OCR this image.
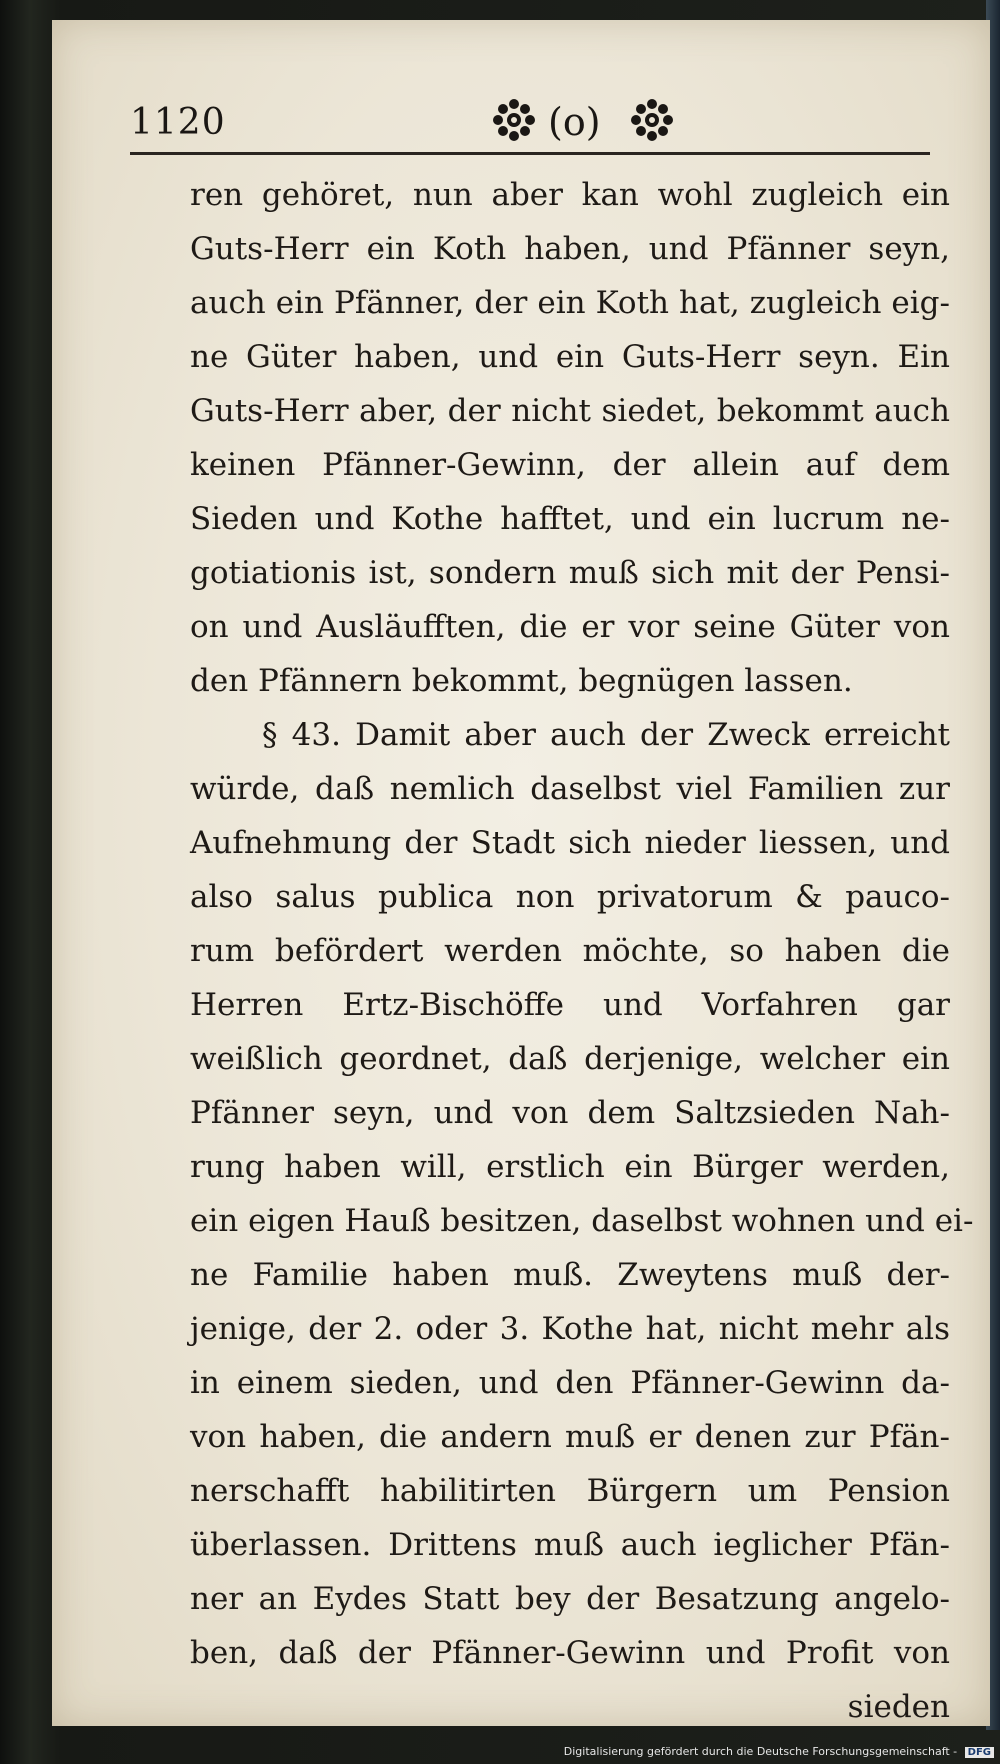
1120	(o)
ren gehöret, nun aber kan wohl zugleich ein
Guts-Herr ein Koth haben, und Pfänner seyn,
auch ein Pfänner, der ein Koth hat, zugleich eig-
ne Güter haben, und ein Guts-Herr seyn. Ein
Guts-Herr aber, der nicht siedet, bekommt auch
keinen Pfänner-Gewinn, der allein auf dem
Sieden und Kothe hafftet, und ein lucrum ne-
gotiationis ist, sondern muß sich mit der Pensi-
on und Ausläufften, die er vor seine Güter von
den Pfännern bekommt, begnügen lassen.
§ 43. Damit aber auch der Zweck erreicht
würde, daß nemlich daselbst viel Familien zur
Aufnehmung der Stadt sich nieder liessen, und
also salus publica non privatorum & pauco-
rum befördert werden möchte, so haben die
Herren Ertz-Bischöffe und Vorfahren gar
weißlich geordnet, daß derjenige, welcher ein
Pfänner seyn, und von dem Saltzsieden Nah-
rung haben will, erstlich ein Bürger werden,
ein eigen Hauß besitzen, daselbst wohnen und ei-
ne Familie haben muß. Zweytens muß der-
jenige, der 2. oder 3. Kothe hat, nicht mehr als
in einem sieden, und den Pfänner-Gewinn da-
von haben, die andern muß er denen zur Pfän-
nerschafft habilitirten Bürgern um Pension
überlassen. Drittens muß auch ieglicher Pfän-
ner an Eydes Statt bey der Besatzung angelo-
ben, daß der Pfänner-Gewinn und Profit von
sieden
Digitalisierung gefördert durch die Deutsche Forschungsgemeinschaft - DFG
